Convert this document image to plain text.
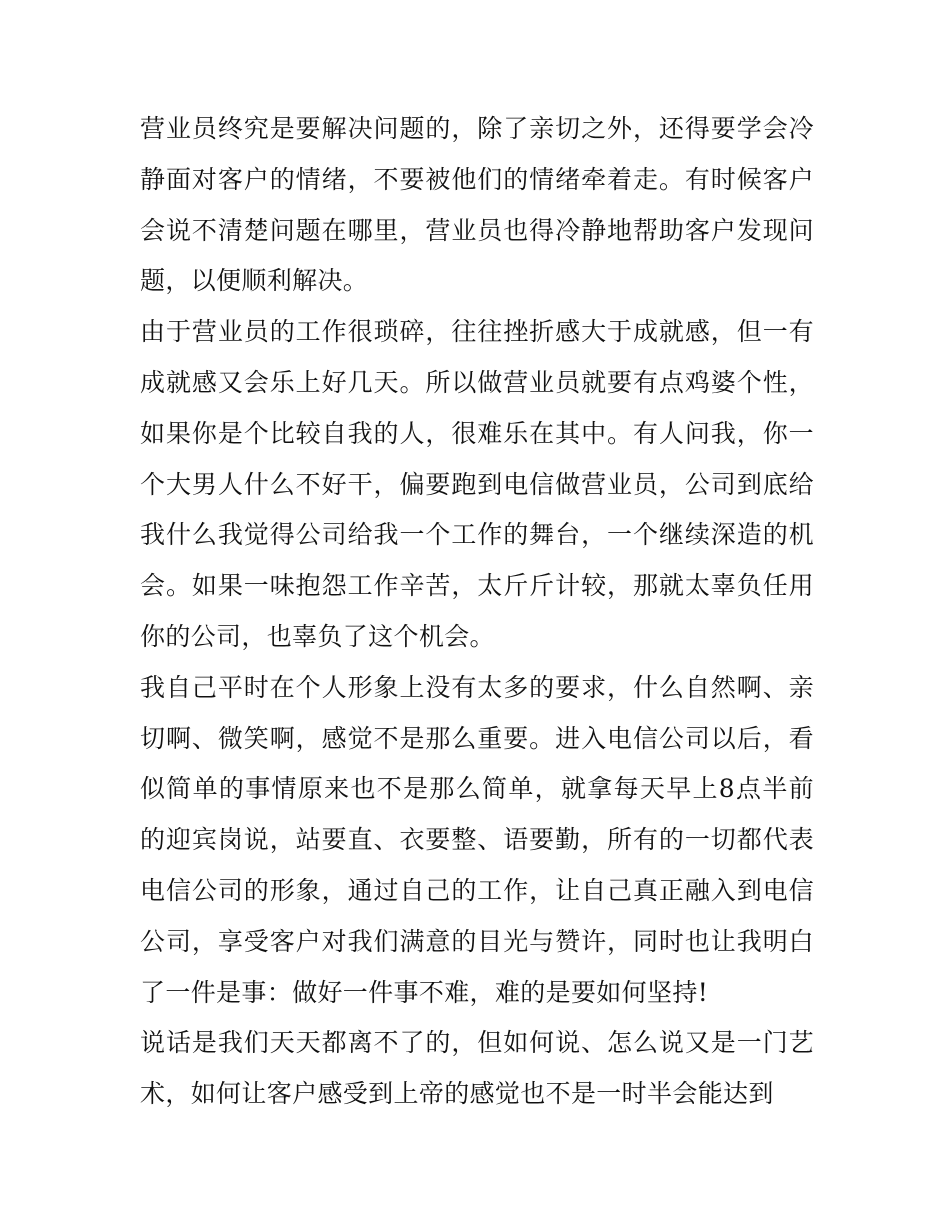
营业员终究是要解决问题的，除了亲切之外，还得要学会冷静面对客户的情绪，不要被他们的情绪牵着走。有时候客户会说不清楚问题在哪里，营业员也得冷静地帮助客户发现问题，以便顺利解决。

由于营业员的工作很琐碎，往往挫折感大于成就感，但一有成就感又会乐上好几天。所以做营业员就要有点鸡婆个性，如果你是个比较自我的人，很难乐在其中。有人问我，你一个大男人什么不好干，偏要跑到电信做营业员，公司到底给我什么我觉得公司给我一个工作的舞台，一个继续深造的机会。如果一味抱怨工作辛苦，太斤斤计较，那就太辜负任用你的公司，也辜负了这个机会。

我自己平时在个人形象上没有太多的要求，什么自然啊、亲切啊、微笑啊，感觉不是那么重要。进入电信公司以后，看似简单的事情原来也不是那么简单，就拿每天早上8点半前的迎宾岗说，站要直、衣要整、语要勤，所有的一切都代表电信公司的形象，通过自己的工作，让自己真正融入到电信公司，享受客户对我们满意的目光与赞许，同时也让我明白了一件是事：做好一件事不难，难的是要如何坚持!

说话是我们天天都离不了的，但如何说、怎么说又是一门艺术，如何让客户感受到上帝的感觉也不是一时半会能达到
